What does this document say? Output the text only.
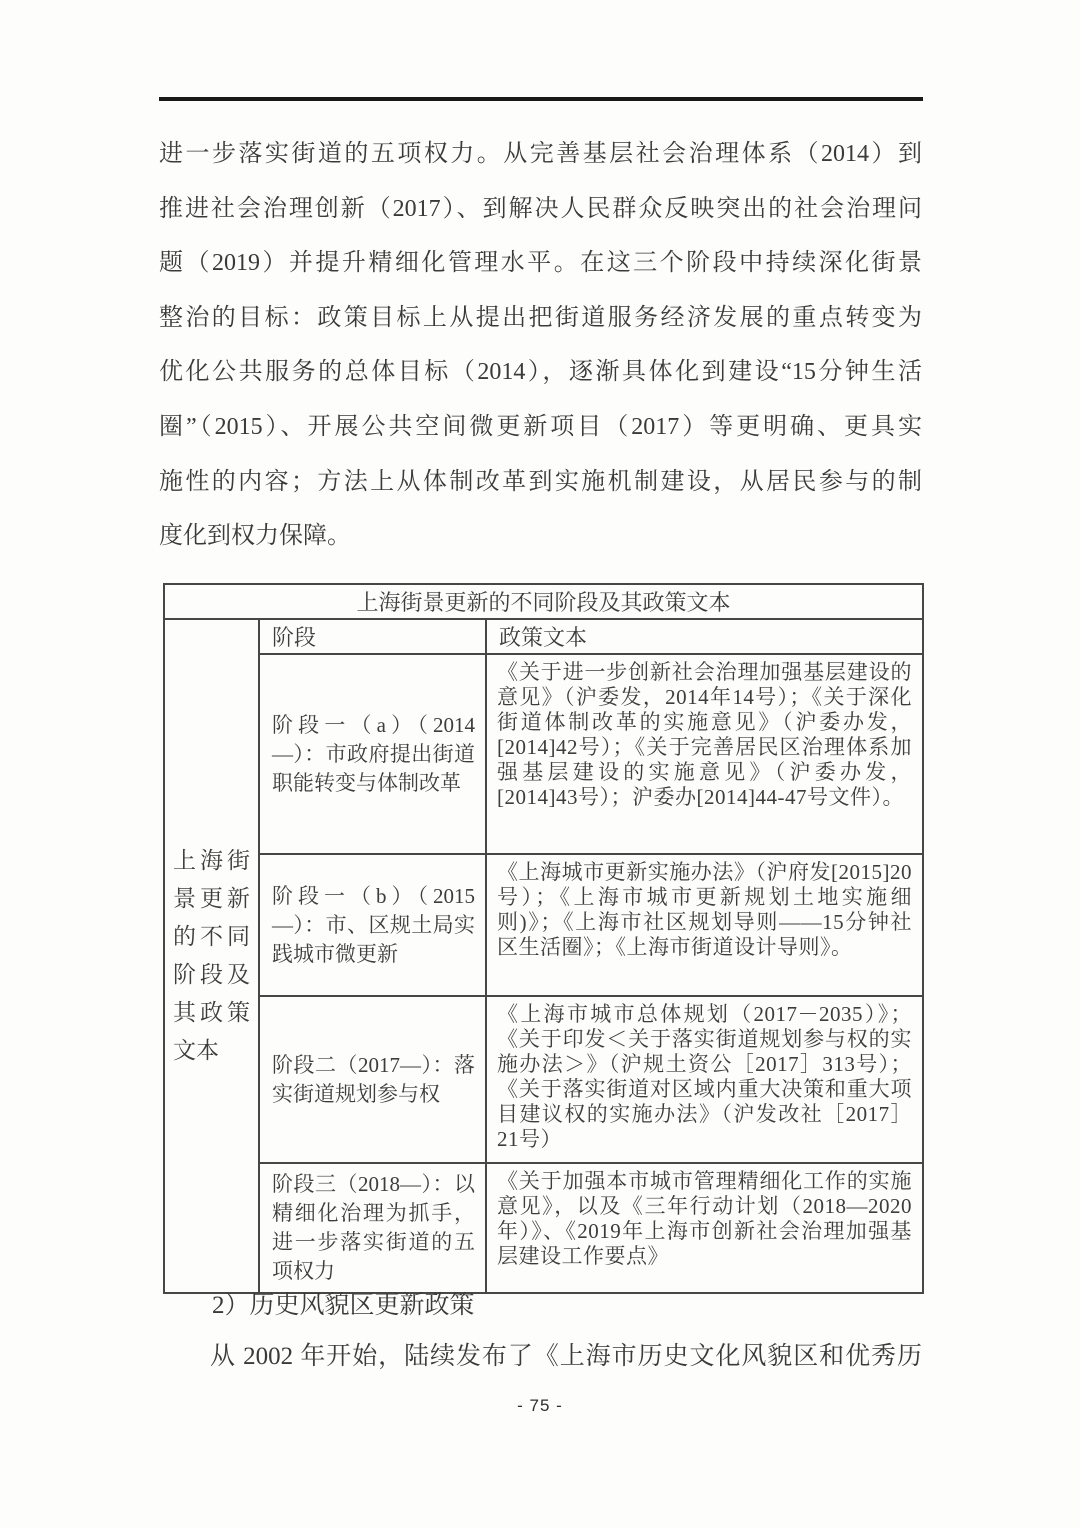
进一步落实街道的五项权力。从完善基层社会治理体系（2014）到
推进社会治理创新（2017）、到解决人民群众反映突出的社会治理问
题（2019）并提升精细化管理水平。在这三个阶段中持续深化街景
整治的目标：政策目标上从提出把街道服务经济发展的重点转变为
优化公共服务的总体目标（2014），逐渐具体化到建设“15分钟生活
圈”（2015）、开展公共空间微更新项目（2017）等更明确、更具实
施性的内容；方法上从体制改革到实施机制建设，从居民参与的制
度化到权力保障。
上海街景更新的不同阶段及其政策文本		
上海街景更新的不同阶段及其政策文本	阶段	政策文本
	阶段一（a）（2014—）：市政府提出街道职能转变与体制改革	《关于进一步创新社会治理加强基层建设的意见》（沪委发，2014年14号）；《关于深化街道体制改革的实施意见》（沪委办发，[2014]42号）；《关于完善居民区治理体系加强基层建设的实施意见》（沪委办发，[2014]43号）；沪委办[2014]44-47号文件）。
	阶段一（b）（2015—）：市、区规土局实践城市微更新	《上海城市更新实施办法》（沪府发[2015]20号）；《上海市城市更新规划土地实施细则)》；《上海市社区规划导则——15分钟社区生活圈》；《上海市街道设计导则》。
	阶段二（2017—）：落实街道规划参与权	《上海市城市总体规划（2017－2035）》；《关于印发＜关于落实街道规划参与权的实施办法＞》（沪规土资公［2017］313号）；《关于落实街道对区域内重大决策和重大项目建议权的实施办法》（沪发改社［2017］21号）
	阶段三（2018—）：以精细化治理为抓手，进一步落实街道的五项权力	《关于加强本市城市管理精细化工作的实施意见》，以及《三年行动计划（2018—2020年）》、《2019年上海市创新社会治理加强基层建设工作要点》
2）历史风貌区更新政策
从 2002 年开始，陆续发布了《上海市历史文化风貌区和优秀历
- 75 -
